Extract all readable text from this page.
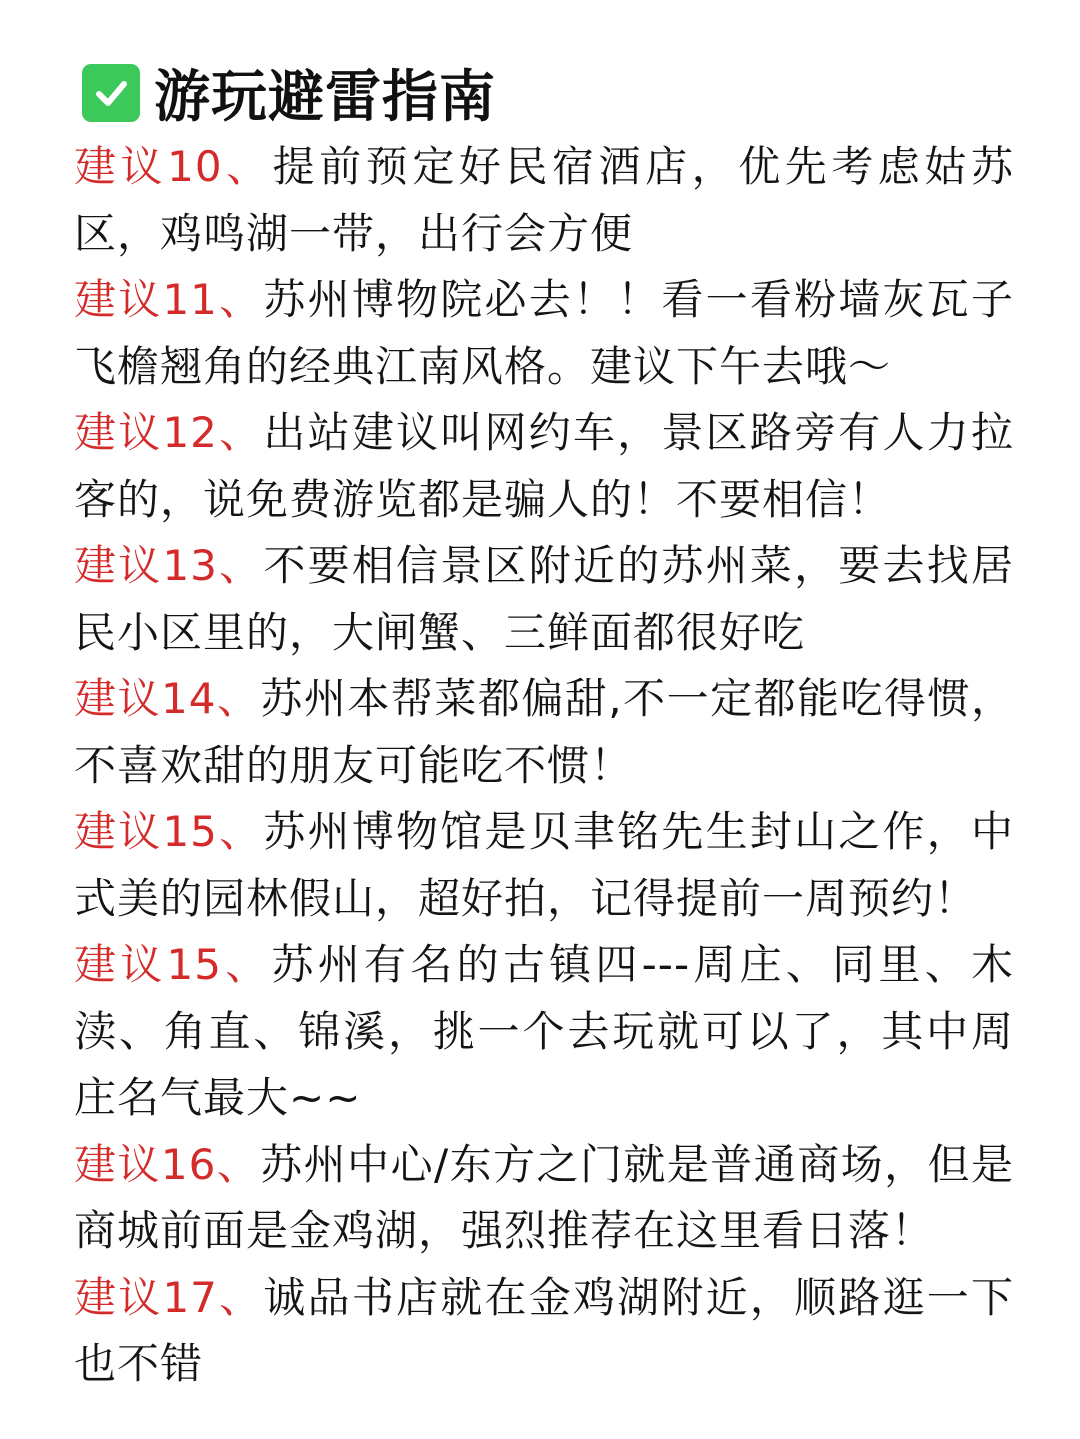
游玩避雷指南
建议10、提前预定好民宿酒店，优先考虑姑苏区，鸡鸣湖一带，出行会方便
建议11、苏州博物院必去！！看一看粉墙灰瓦子飞檐翘角的经典江南风格。建议下午去哦～
建议12、出站建议叫网约车，景区路旁有人力拉客的，说免费游览都是骗人的！不要相信！
建议13、不要相信景区附近的苏州菜，要去找居民小区里的，大闸蟹、三鲜面都很好吃
建议14、苏州本帮菜都偏甜,不一定都能吃得惯，不喜欢甜的朋友可能吃不惯！
建议15、苏州博物馆是贝聿铭先生封山之作，中式美的园林假山，超好拍，记得提前一周预约！
建议15、苏州有名的古镇四---周庄、同里、木渎、角直、锦溪，挑一个去玩就可以了，其中周庄名气最大~~
建议16、苏州中心/东方之门就是普通商场，但是商城前面是金鸡湖，强烈推荐在这里看日落！
建议17、诚品书店就在金鸡湖附近，顺路逛一下也不错
